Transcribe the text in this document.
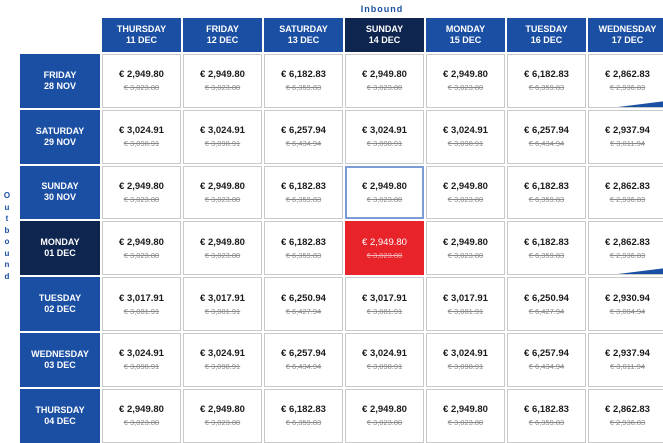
Inbound
O
u
t
b
o
u
n
d
THURSDAY
11 DEC
FRIDAY
12 DEC
SATURDAY
13 DEC
SUNDAY
14 DEC
MONDAY
15 DEC
TUESDAY
16 DEC
WEDNESDAY
17 DEC
FRIDAY
28 NOV
€ 2,949.80
€ 3,023.80
€ 2,949.80
€ 3,023.80
€ 6,182.83
€ 6,359.83
€ 2,949.80
€ 3,023.80
€ 2,949.80
€ 3,023.80
€ 6,182.83
€ 6,359.83
€ 2,862.83
€ 2,936.83
SATURDAY
29 NOV
€ 3,024.91
€ 3,098.91
€ 3,024.91
€ 3,098.91
€ 6,257.94
€ 6,434.94
€ 3,024.91
€ 3,098.91
€ 3,024.91
€ 3,098.91
€ 6,257.94
€ 6,434.94
€ 2,937.94
€ 3,011.94
SUNDAY
30 NOV
€ 2,949.80
€ 3,023.80
€ 2,949.80
€ 3,023.80
€ 6,182.83
€ 6,359.83
€ 2,949.80
€ 3,023.80
€ 2,949.80
€ 3,023.80
€ 6,182.83
€ 6,359.83
€ 2,862.83
€ 2,936.83
MONDAY
01 DEC
€ 2,949.80
€ 3,023.80
€ 2,949.80
€ 3,023.80
€ 6,182.83
€ 6,359.83
€ 2,949.80
€ 3,023.80
€ 2,949.80
€ 3,023.80
€ 6,182.83
€ 6,359.83
€ 2,862.83
€ 2,936.83
TUESDAY
02 DEC
€ 3,017.91
€ 3,081.91
€ 3,017.91
€ 3,081.91
€ 6,250.94
€ 6,427.94
€ 3,017.91
€ 3,081.91
€ 3,017.91
€ 3,081.91
€ 6,250.94
€ 6,427.94
€ 2,930.94
€ 3,004.94
WEDNESDAY
03 DEC
€ 3,024.91
€ 3,098.91
€ 3,024.91
€ 3,098.91
€ 6,257.94
€ 6,434.94
€ 3,024.91
€ 3,098.91
€ 3,024.91
€ 3,098.91
€ 6,257.94
€ 6,434.94
€ 2,937.94
€ 3,011.94
THURSDAY
04 DEC
€ 2,949.80
€ 3,023.80
€ 2,949.80
€ 3,023.80
€ 6,182.83
€ 6,359.83
€ 2,949.80
€ 3,023.80
€ 2,949.80
€ 3,023.80
€ 6,182.83
€ 6,359.83
€ 2,862.83
€ 2,936.83
